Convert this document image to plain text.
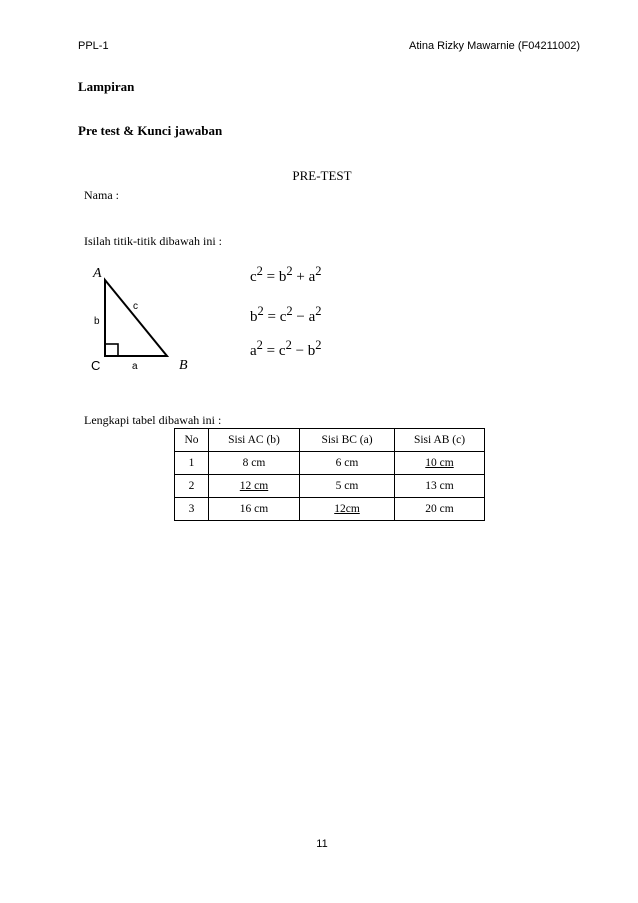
PPL-1	Atina Rizky Mawarnie (F04211002)
Lampiran
Pre test & Kunci jawaban
PRE-TEST
Nama :
Isilah titik-titik dibawah ini :
A
B
C	a
b
c
$c^2 = b^2 + a^2$
$b^2 = c^2 - a^2$
$a^2 = c^2 - b^2$
Lengkapi tabel dibawah ini :
No	Sisi AC (b)	Sisi BC (a)	Sisi AB (c)
1	8 cm	6 cm	10 cm
2	12 cm	5 cm	13 cm
3	16 cm	12cm	20 cm
11
